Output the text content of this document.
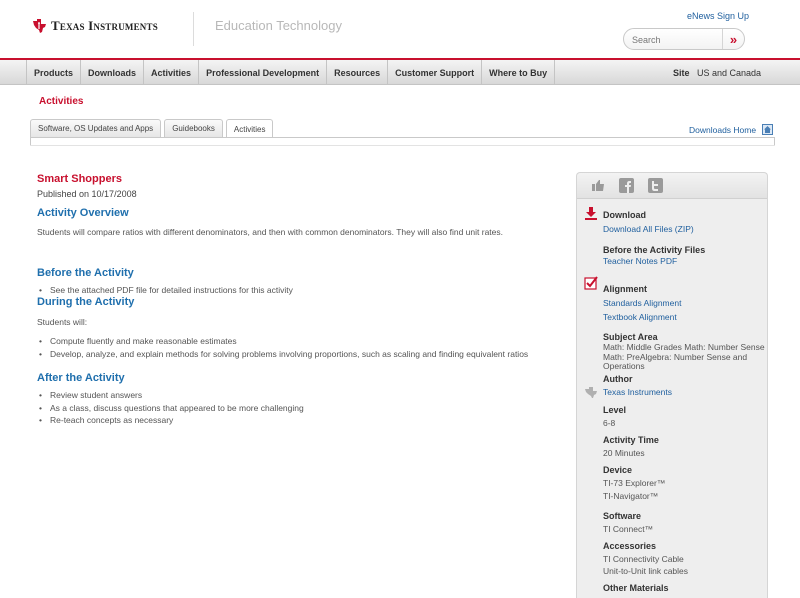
Texas Instruments	Education Technology
eNews Sign Up
Search
»
Products	Downloads	Activities	Professional Development	Resources	Customer Support	Where to Buy	Site US and Canada
Activities
Software, OS Updates and Apps	Guidebooks	Activities	Downloads Home
Smart Shoppers
Published on 10/17/2008
Activity Overview
Students will compare ratios with different denominators, and then with common denominators. They will also find unit rates.
Before the Activity
• See the attached PDF file for detailed instructions for this activity
During the Activity
Students will:
• Compute fluently and make reasonable estimates
• Develop, analyze, and explain methods for solving problems involving proportions, such as scaling and finding equivalent ratios
After the Activity
• Review student answers
• As a class, discuss questions that appeared to be more challenging
• Re-teach concepts as necessary
Download
Download All Files (ZIP)
Before the Activity Files
Teacher Notes PDF
Alignment
Standards Alignment
Textbook Alignment
Subject Area
Math: Middle Grades Math: Number Sense Math: PreAlgebra: Number Sense and Operations
Author
Texas Instruments
Level
6-8
Activity Time
20 Minutes
Device
TI-73 Explorer™
TI-Navigator™
Software
TI Connect™
Accessories
TI Connectivity Cable
Unit-to-Unit link cables
Other Materials
